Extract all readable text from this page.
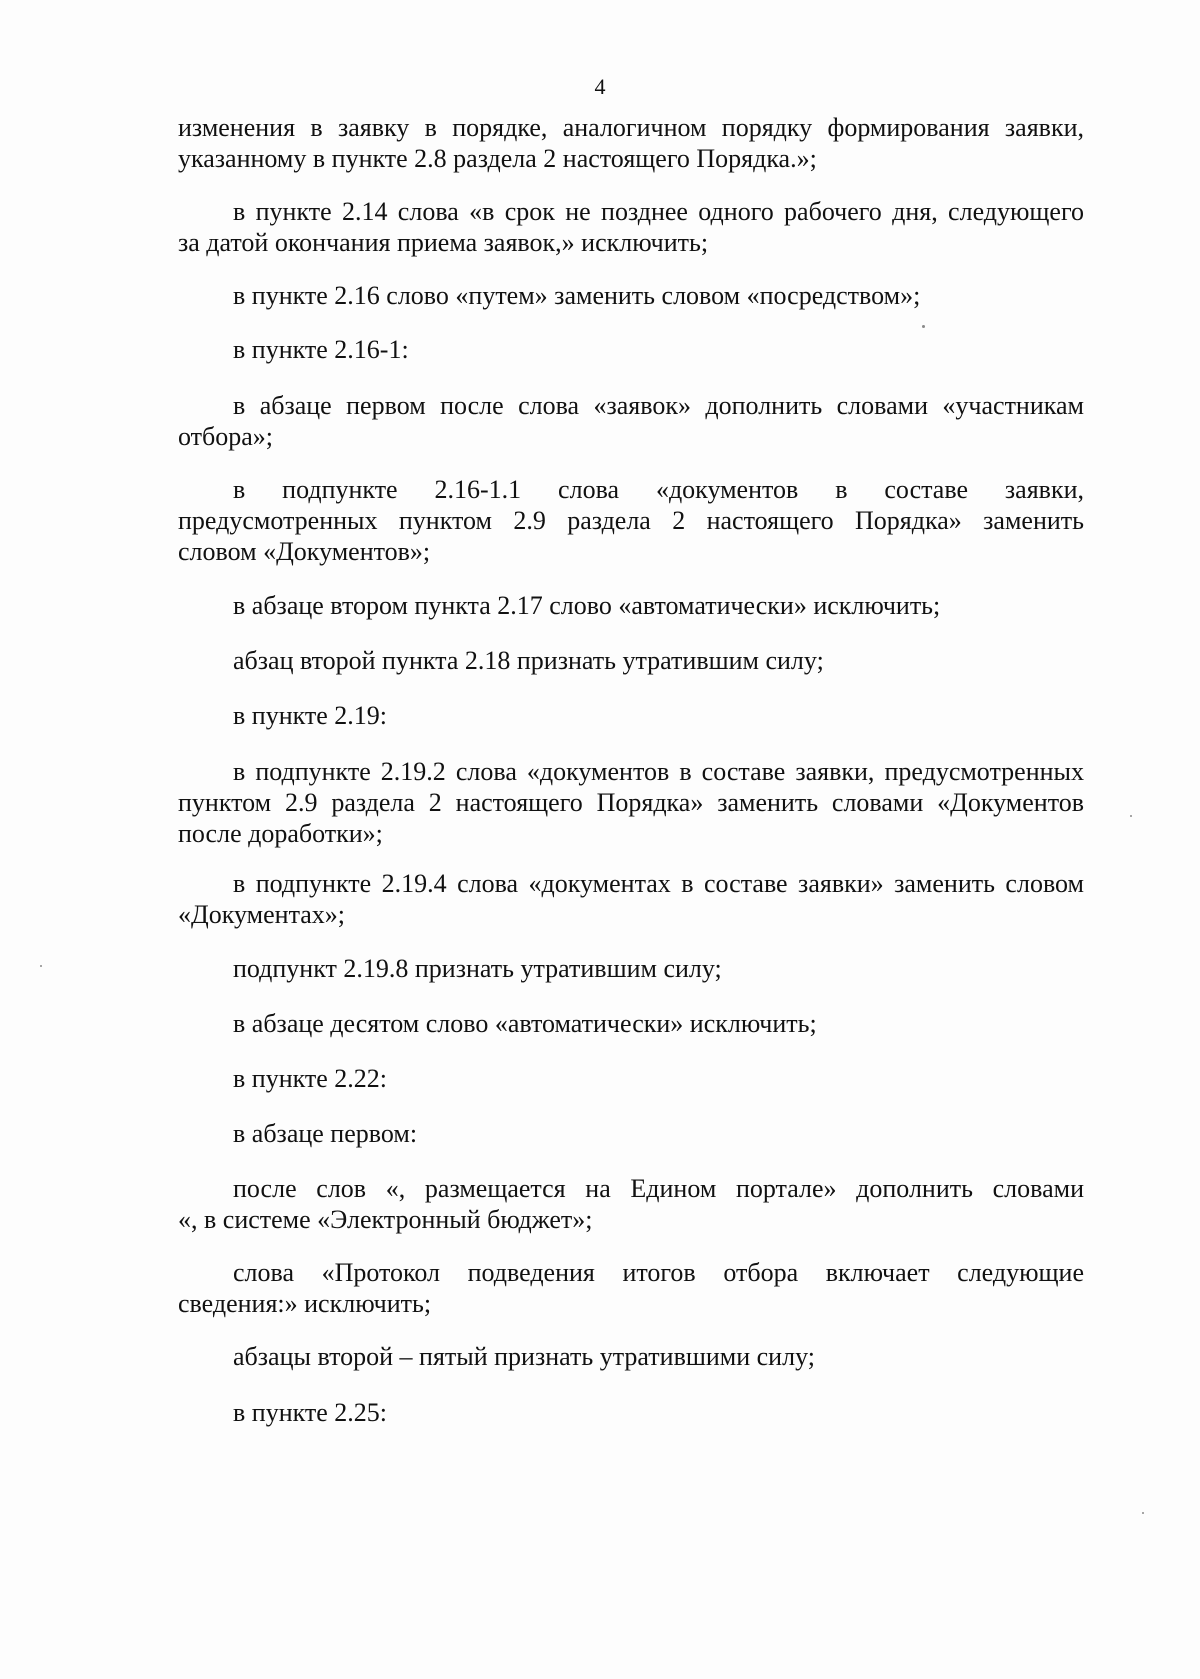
4
изменения в заявку в порядке, аналогичном порядку формирования заявки,
указанному в пункте 2.8 раздела 2 настоящего Порядка.»;
в пункте 2.14 слова «в срок не позднее одного рабочего дня, следующего
за датой окончания приема заявок,» исключить;
в пункте 2.16 слово «путем» заменить словом «посредством»;
в пункте 2.16-1:
в абзаце первом после слова «заявок» дополнить словами «участникам
отбора»;
в подпункте 2.16-1.1 слова «документов в составе заявки,
предусмотренных пунктом 2.9 раздела 2 настоящего Порядка» заменить
словом «Документов»;
в абзаце втором пункта 2.17 слово «автоматически» исключить;
абзац второй пункта 2.18 признать утратившим силу;
в пункте 2.19:
в подпункте 2.19.2 слова «документов в составе заявки, предусмотренных
пунктом 2.9 раздела 2 настоящего Порядка» заменить словами «Документов
после доработки»;
в подпункте 2.19.4 слова «документах в составе заявки» заменить словом
«Документах»;
подпункт 2.19.8 признать утратившим силу;
в абзаце десятом слово «автоматически» исключить;
в пункте 2.22:
в абзаце первом:
после слов «, размещается на Едином портале» дополнить словами
«, в системе «Электронный бюджет»;
слова «Протокол подведения итогов отбора включает следующие
сведения:» исключить;
абзацы второй – пятый признать утратившими силу;
в пункте 2.25:
